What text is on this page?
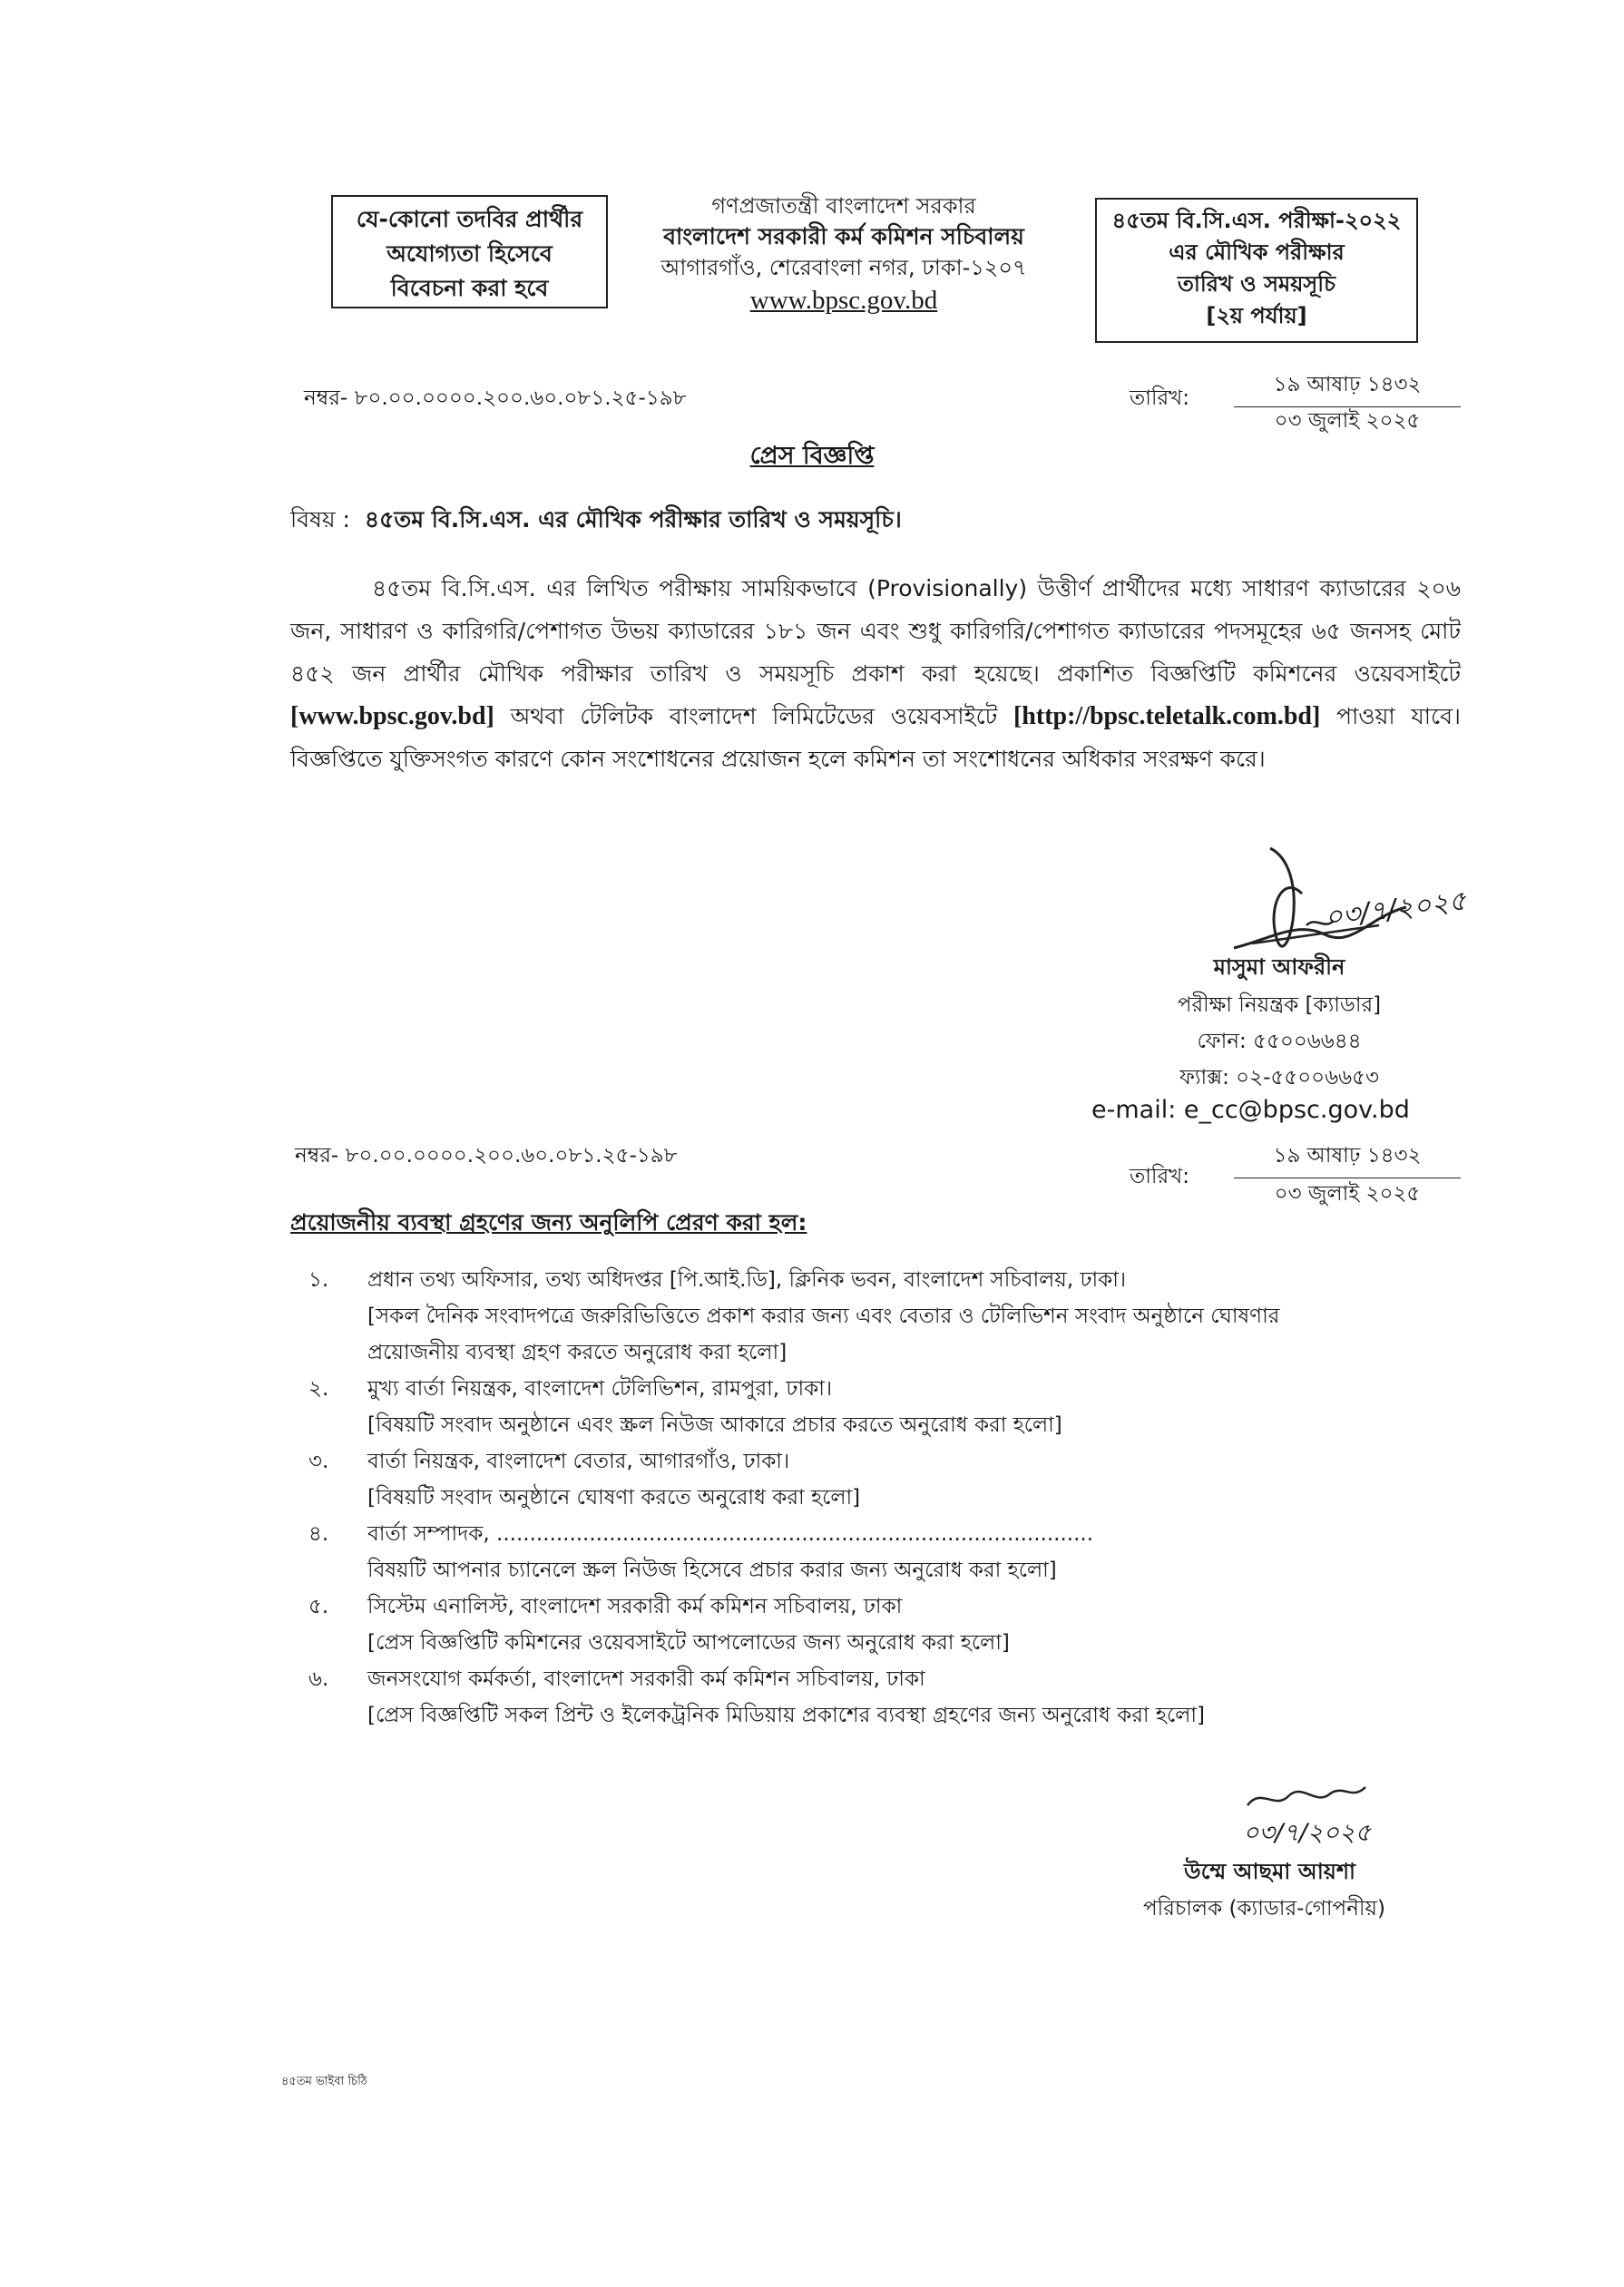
যে-কোনো তদবির প্রার্থীর
অযোগ্যতা হিসেবে
বিবেচনা করা হবে
গণপ্রজাতন্ত্রী বাংলাদেশ সরকার
বাংলাদেশ সরকারী কর্ম কমিশন সচিবালয়
আগারগাঁও, শেরেবাংলা নগর, ঢাকা-১২০৭
www.bpsc.gov.bd
৪৫তম বি.সি.এস. পরীক্ষা-২০২২
এর মৌখিক পরীক্ষার
তারিখ ও সময়সূচি
[২য় পর্যায়]
নম্বর- ৮০.০০.০০০০.২০০.৬০.০৮১.২৫-১৯৮	তারিখ:
১৯ আষাঢ় ১৪৩২
০৩ জুলাই ২০২৫
প্রেস বিজ্ঞপ্তি
বিষয় : ৪৫তম বি.সি.এস. এর মৌখিক পরীক্ষার তারিখ ও সময়সূচি।
৪৫তম বি.সি.এস. এর লিখিত পরীক্ষায় সাময়িকভাবে (Provisionally) উত্তীর্ণ প্রার্থীদের মধ্যে সাধারণ ক্যাডারের ২০৬ জন, সাধারণ ও কারিগরি/পেশাগত উভয় ক্যাডারের ১৮১ জন এবং শুধু কারিগরি/পেশাগত ক্যাডারের পদসমূহের ৬৫ জনসহ মোট ৪৫২ জন প্রার্থীর মৌখিক পরীক্ষার তারিখ ও সময়সূচি প্রকাশ করা হয়েছে। প্রকাশিত বিজ্ঞপ্তিটি কমিশনের ওয়েবসাইটে [www.bpsc.gov.bd] অথবা টেলিটক বাংলাদেশ লিমিটেডের ওয়েবসাইটে [http://bpsc.teletalk.com.bd] পাওয়া যাবে। বিজ্ঞপ্তিতে যুক্তিসংগত কারণে কোন সংশোধনের প্রয়োজন হলে কমিশন তা সংশোধনের অধিকার সংরক্ষণ করে।
০৩/৭/২০২৫
মাসুমা আফরীন
পরীক্ষা নিয়ন্ত্রক [ক্যাডার]
ফোন: ৫৫০০৬৬৪৪
ফ্যাক্স: ০২-৫৫০০৬৬৫৩
e-mail: e_cc@bpsc.gov.bd
নম্বর- ৮০.০০.০০০০.২০০.৬০.০৮১.২৫-১৯৮
তারিখ:
১৯ আষাঢ় ১৪৩২
০৩ জুলাই ২০২৫
প্রয়োজনীয় ব্যবস্থা গ্রহণের জন্য অনুলিপি প্রেরণ করা হল:
১. প্রধান তথ্য অফিসার, তথ্য অধিদপ্তর [পি.আই.ডি], ক্লিনিক ভবন, বাংলাদেশ সচিবালয়, ঢাকা।
[সকল দৈনিক সংবাদপত্রে জরুরিভিত্তিতে প্রকাশ করার জন্য এবং বেতার ও টেলিভিশন সংবাদ অনুষ্ঠানে ঘোষণার
প্রয়োজনীয় ব্যবস্থা গ্রহণ করতে অনুরোধ করা হলো]
২. মুখ্য বার্তা নিয়ন্ত্রক, বাংলাদেশ টেলিভিশন, রামপুরা, ঢাকা।
[বিষয়টি সংবাদ অনুষ্ঠানে এবং স্ক্রল নিউজ আকারে প্রচার করতে অনুরোধ করা হলো]
৩. বার্তা নিয়ন্ত্রক, বাংলাদেশ বেতার, আগারগাঁও, ঢাকা।
[বিষয়টি সংবাদ অনুষ্ঠানে ঘোষণা করতে অনুরোধ করা হলো]
৪. বার্তা সম্পাদক, ..........................................................................................
বিষয়টি আপনার চ্যানেলে স্ক্রল নিউজ হিসেবে প্রচার করার জন্য অনুরোধ করা হলো]
৫. সিস্টেম এনালিস্ট, বাংলাদেশ সরকারী কর্ম কমিশন সচিবালয়, ঢাকা
[প্রেস বিজ্ঞপ্তিটি কমিশনের ওয়েবসাইটে আপলোডের জন্য অনুরোধ করা হলো]
৬. জনসংযোগ কর্মকর্তা, বাংলাদেশ সরকারী কর্ম কমিশন সচিবালয়, ঢাকা
[প্রেস বিজ্ঞপ্তিটি সকল প্রিন্ট ও ইলেকট্রনিক মিডিয়ায় প্রকাশের ব্যবস্থা গ্রহণের জন্য অনুরোধ করা হলো]
০৩/৭/২০২৫
উম্মে আছমা আয়শা
পরিচালক (ক্যাডার-গোপনীয়)
৪৫তম ভাইবা চিঠি
